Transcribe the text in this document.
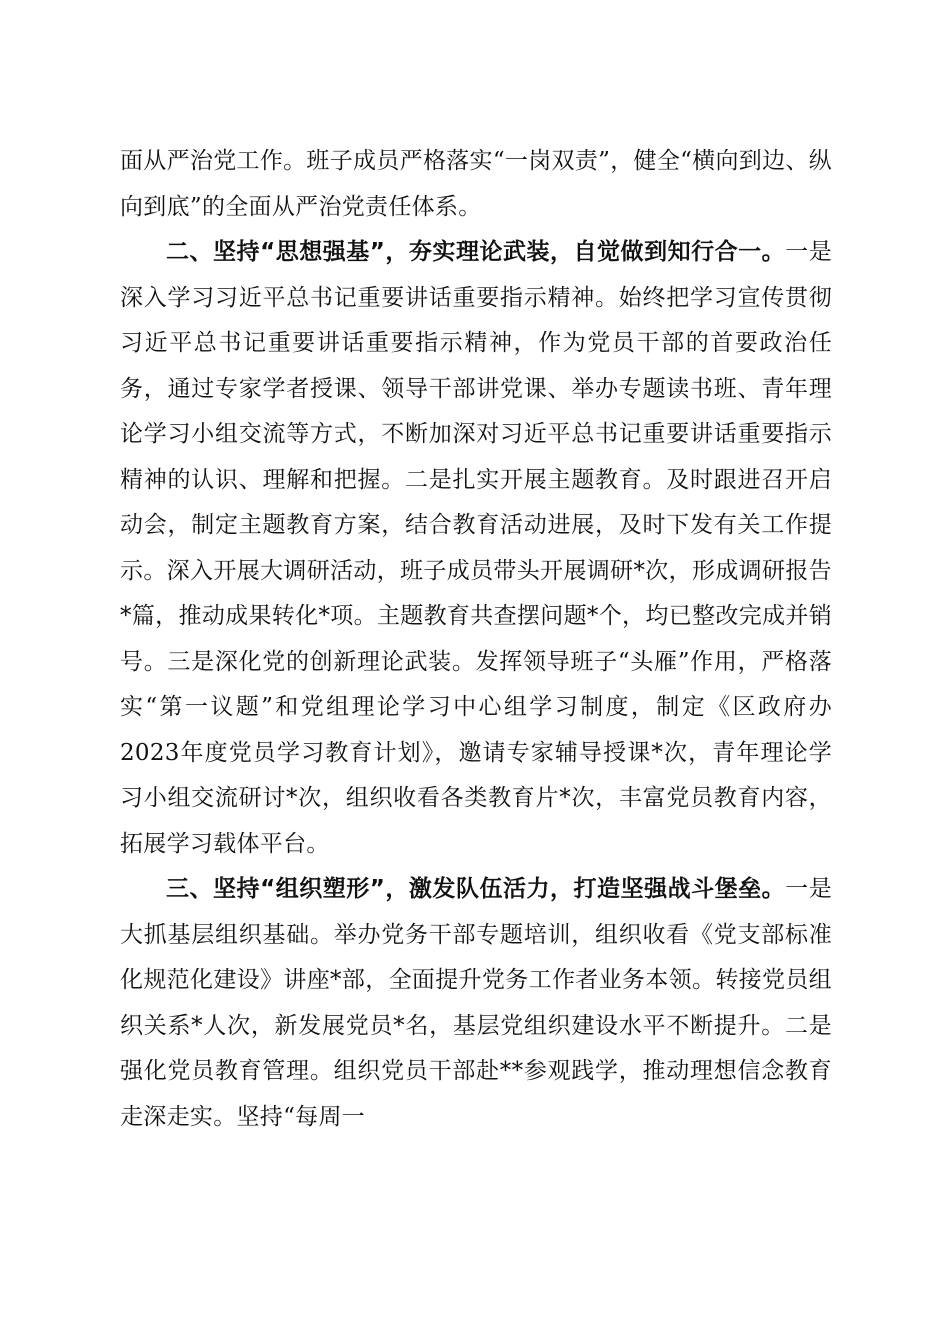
面从严治党工作。班子成员严格落实“一岗双责”，健全“横向到边、纵向到底”的全面从严治党责任体系。

二、坚持“思想强基”，夯实理论武装，自觉做到知行合一。一是深入学习习近平总书记重要讲话重要指示精神。始终把学习宣传贯彻习近平总书记重要讲话重要指示精神，作为党员干部的首要政治任务，通过专家学者授课、领导干部讲党课、举办专题读书班、青年理论学习小组交流等方式，不断加深对习近平总书记重要讲话重要指示精神的认识、理解和把握。二是扎实开展主题教育。及时跟进召开启动会，制定主题教育方案，结合教育活动进展，及时下发有关工作提示。深入开展大调研活动，班子成员带头开展调研*次，形成调研报告*篇，推动成果转化*项。主题教育共查摆问题*个，均已整改完成并销号。三是深化党的创新理论武装。发挥领导班子“头雁”作用，严格落实“第一议题”和党组理论学习中心组学习制度，制定《区政府办2023年度党员学习教育计划》，邀请专家辅导授课*次，青年理论学习小组交流研讨*次，组织收看各类教育片*次，丰富党员教育内容，拓展学习载体平台。

三、坚持“组织塑形”，激发队伍活力，打造坚强战斗堡垒。一是大抓基层组织基础。举办党务干部专题培训，组织收看《党支部标准化规范化建设》讲座*部，全面提升党务工作者业务本领。转接党员组织关系*人次，新发展党员*名，基层党组织建设水平不断提升。二是强化党员教育管理。组织党员干部赴**参观践学，推动理想信念教育走深走实。坚持“每周一
